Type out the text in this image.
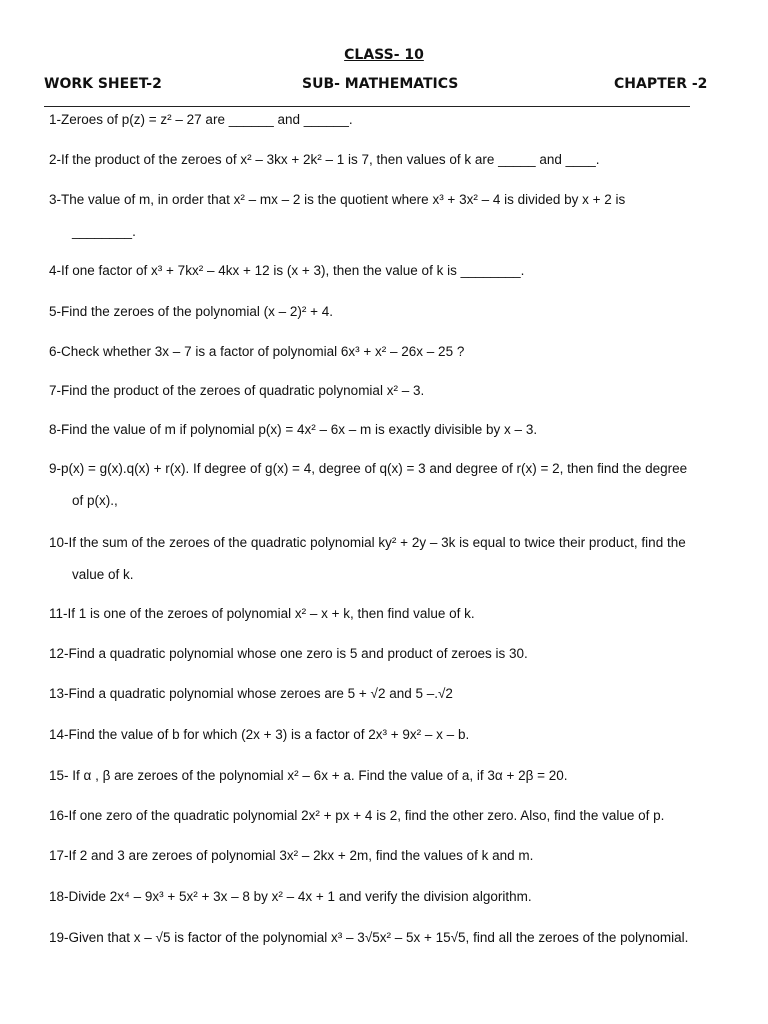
CLASS- 10
WORK SHEET-2	SUB- MATHEMATICS	CHAPTER -2
1-Zeroes of p(z) = z² – 27 are ______ and ______.
2-If the product of the zeroes of x² – 3kx + 2k² – 1 is 7, then values of k are _____ and ____.
3-The value of m, in order that x² – mx – 2 is the quotient where x³ + 3x² – 4 is divided by x + 2 is
________.
4-If one factor of x³ + 7kx² – 4kx + 12 is (x + 3), then the value of k is ________.
5-Find the zeroes of the polynomial (x – 2)² + 4.
6-Check whether 3x – 7 is a factor of polynomial 6x³ + x² – 26x – 25 ?
7-Find the product of the zeroes of quadratic polynomial x² – 3.
8-Find the value of m if polynomial p(x) = 4x² – 6x – m is exactly divisible by x – 3.
9-p(x) = g(x).q(x) + r(x). If degree of g(x) = 4, degree of q(x) = 3 and degree of r(x) = 2, then find the degree
of p(x).,
10-If the sum of the zeroes of the quadratic polynomial ky² + 2y – 3k is equal to twice their product, find the
value of k.
11-If 1 is one of the zeroes of polynomial x² – x + k, then find value of k.
12-Find a quadratic polynomial whose one zero is 5 and product of zeroes is 30.
13-Find a quadratic polynomial whose zeroes are 5 + √2 and 5 –.√2
14-Find the value of b for which (2x + 3) is a factor of 2x³ + 9x² – x – b.
15- If α , β are zeroes of the polynomial x² – 6x + a. Find the value of a, if 3α + 2β = 20.
16-If one zero of the quadratic polynomial 2x² + px + 4 is 2, find the other zero. Also, find the value of p.
17-If 2 and 3 are zeroes of polynomial 3x² – 2kx + 2m, find the values of k and m.
18-Divide 2x⁴ – 9x³ + 5x² + 3x – 8 by x² – 4x + 1 and verify the division algorithm.
19-Given that x – √5 is factor of the polynomial x³ – 3√5x² – 5x + 15√5, find all the zeroes of the polynomial.
